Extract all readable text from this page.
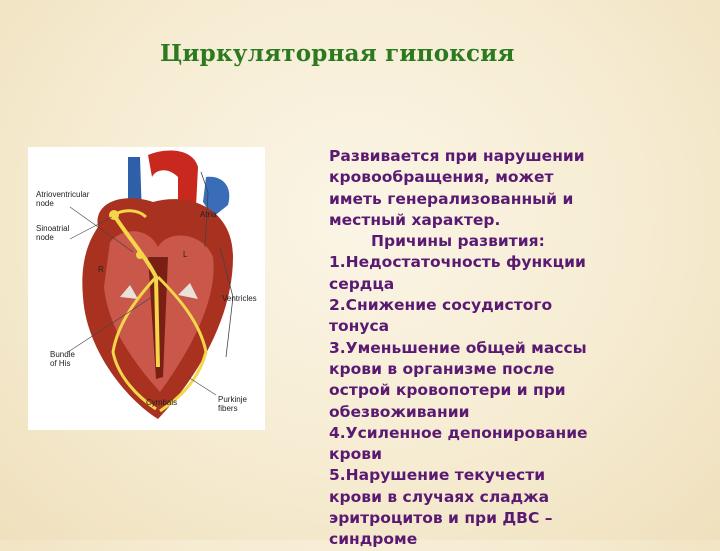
Циркуляторная гипоксия
Atrioventricular node
Sinoatrial node
Bundle of His
Atria
Ventricles
Purkinje fibers
Cymbals
R
L

Развивается при нарушении

кровообращения, может

иметь генерализованный и

местный характер.

Причины развития:

1.Недостаточность функции

сердца

2.Снижение сосудистого

тонуса

3.Уменьшение общей массы

крови в организме после

острой кровопотери и при

обезвоживании

4.Усиленное депонирование

крови

5.Нарушение текучести

крови в случаях сладжа

эритроцитов и при ДВС –

синдроме
